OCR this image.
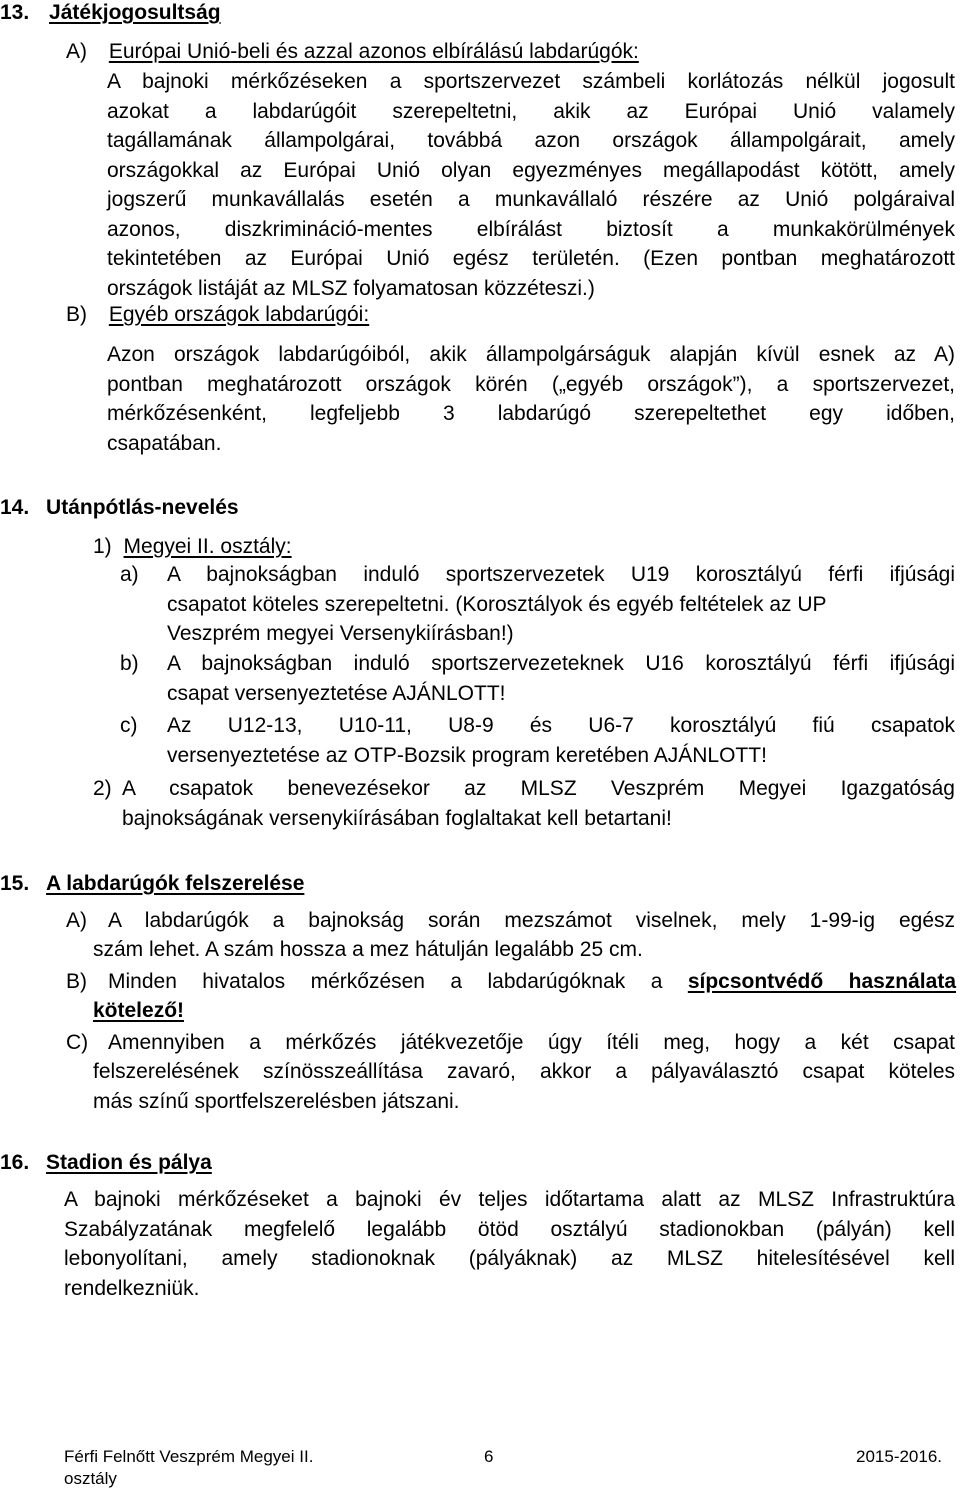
13. Játékjogosultság
A) Európai Unió-beli és azzal azonos elbírálású labdarúgók:
A bajnoki mérkőzéseken a sportszervezet számbeli korlátozás nélkül jogosult
azokat a labdarúgóit szerepeltetni, akik az Európai Unió valamely
tagállamának állampolgárai, továbbá azon országok állampolgárait, amely
országokkal az Európai Unió olyan egyezményes megállapodást kötött, amely
jogszerű munkavállalás esetén a munkavállaló részére az Unió polgáraival
azonos, diszkrimináció-mentes elbírálást biztosít a munkakörülmények
tekintetében az Európai Unió egész területén. (Ezen pontban meghatározott
országok listáját az MLSZ folyamatosan közzéteszi.)
B) Egyéb országok labdarúgói:
Azon országok labdarúgóiból, akik állampolgárságuk alapján kívül esnek az A)
pontban meghatározott országok körén („egyéb országok”), a sportszervezet,
mérkőzésenként, legfeljebb 3 labdarúgó szerepeltethet egy időben,
csapatában.
14. Utánpótlás-nevelés
1) Megyei II. osztály:
a) A bajnokságban induló sportszervezetek U19 korosztályú férfi ifjúsági
csapatot köteles szerepeltetni. (Korosztályok és egyéb feltételek az UP
Veszprém megyei Versenykiírásban!)
b) A bajnokságban induló sportszervezeteknek U16 korosztályú férfi ifjúsági
csapat versenyeztetése AJÁNLOTT!
c) Az U12-13, U10-11, U8-9 és U6-7 korosztályú fiú csapatok
versenyeztetése az OTP-Bozsik program keretében AJÁNLOTT!
2) A csapatok benevezésekor az MLSZ Veszprém Megyei Igazgatóság
bajnokságának versenykiírásában foglaltakat kell betartani!
15. A labdarúgók felszerelése
A) A labdarúgók a bajnokság során mezszámot viselnek, mely 1-99-ig egész
szám lehet. A szám hossza a mez hátulján legalább 25 cm.
B) Minden hivatalos mérkőzésen a labdarúgóknak a sípcsontvédő használata
kötelező!
C) Amennyiben a mérkőzés játékvezetője úgy ítéli meg, hogy a két csapat
felszerelésének színösszeállítása zavaró, akkor a pályaválasztó csapat köteles
más színű sportfelszerelésben játszani.
16. Stadion és pálya
A bajnoki mérkőzéseket a bajnoki év teljes időtartama alatt az MLSZ Infrastruktúra
Szabályzatának megfelelő legalább ötöd osztályú stadionokban (pályán) kell
lebonyolítani, amely stadionoknak (pályáknak) az MLSZ hitelesítésével kell
rendelkezniük.
Férfi Felnőtt Veszprém Megyei II.
osztály
6	2015-2016.
